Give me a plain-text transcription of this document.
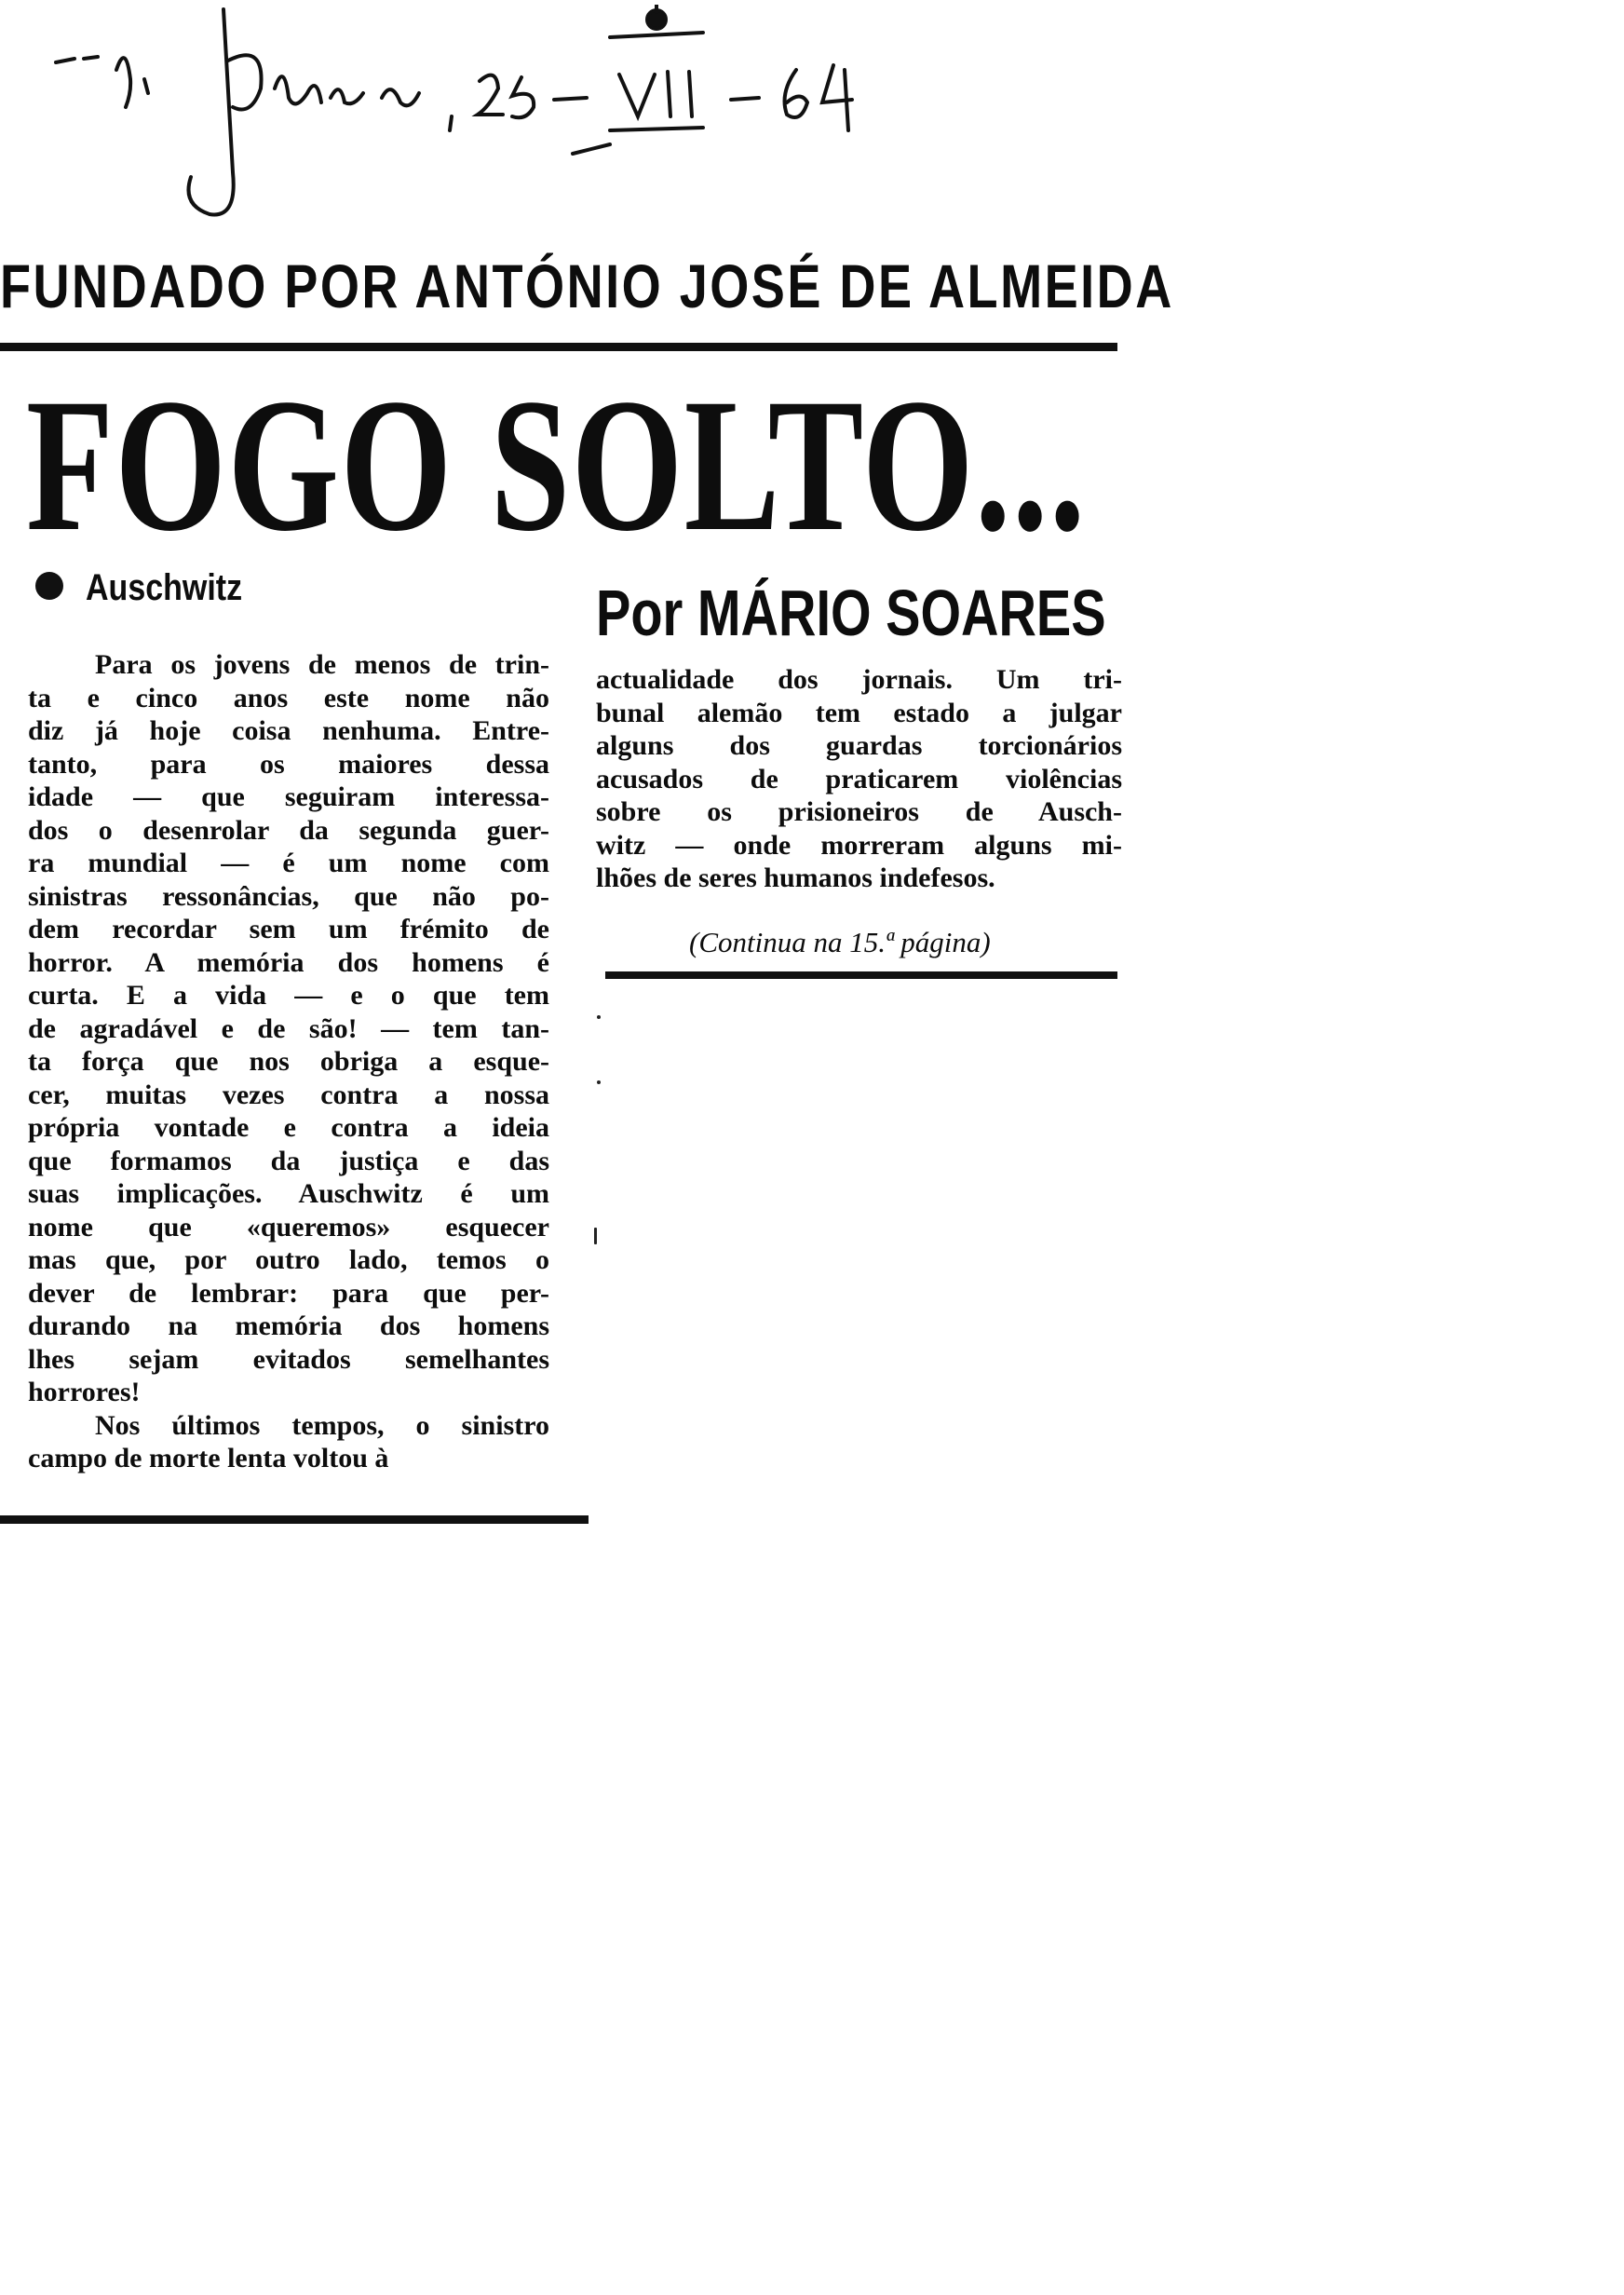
FUNDADO POR ANTÓNIO JOSÉ DE ALMEIDA
FOGO SOLTO...
Auschwitz	Por MÁRIO SOARES

Para os jovens de menos de trin-
ta e cinco anos este nome não
diz já hoje coisa nenhuma. Entre-
tanto, para os maiores dessa
idade — que seguiram interessa-
dos o desenrolar da segunda guer-
ra mundial — é um nome com
sinistras ressonâncias, que não po-
dem recordar sem um frémito de
horror. A memória dos homens é
curta. E a vida — e o que tem
de agradável e de são! — tem tan-
ta força que nos obriga a esque-
cer, muitas vezes contra a nossa
própria vontade e contra a ideia
que formamos da justiça e das
suas implicações. Auschwitz é um
nome que «queremos» esquecer
mas que, por outro lado, temos o
dever de lembrar: para que per-
durando na memória dos homens
lhes sejam evitados semelhantes
horrores!

Nos últimos tempos, o sinistro
campo de morte lenta voltou à

actualidade dos jornais. Um tri-
bunal alemão tem estado a julgar
alguns dos guardas torcionários
acusados de praticarem violências
sobre os prisioneiros de Ausch-
witz — onde morreram alguns mi-
lhões de seres humanos indefesos.

(Continua na 15.ª página)
